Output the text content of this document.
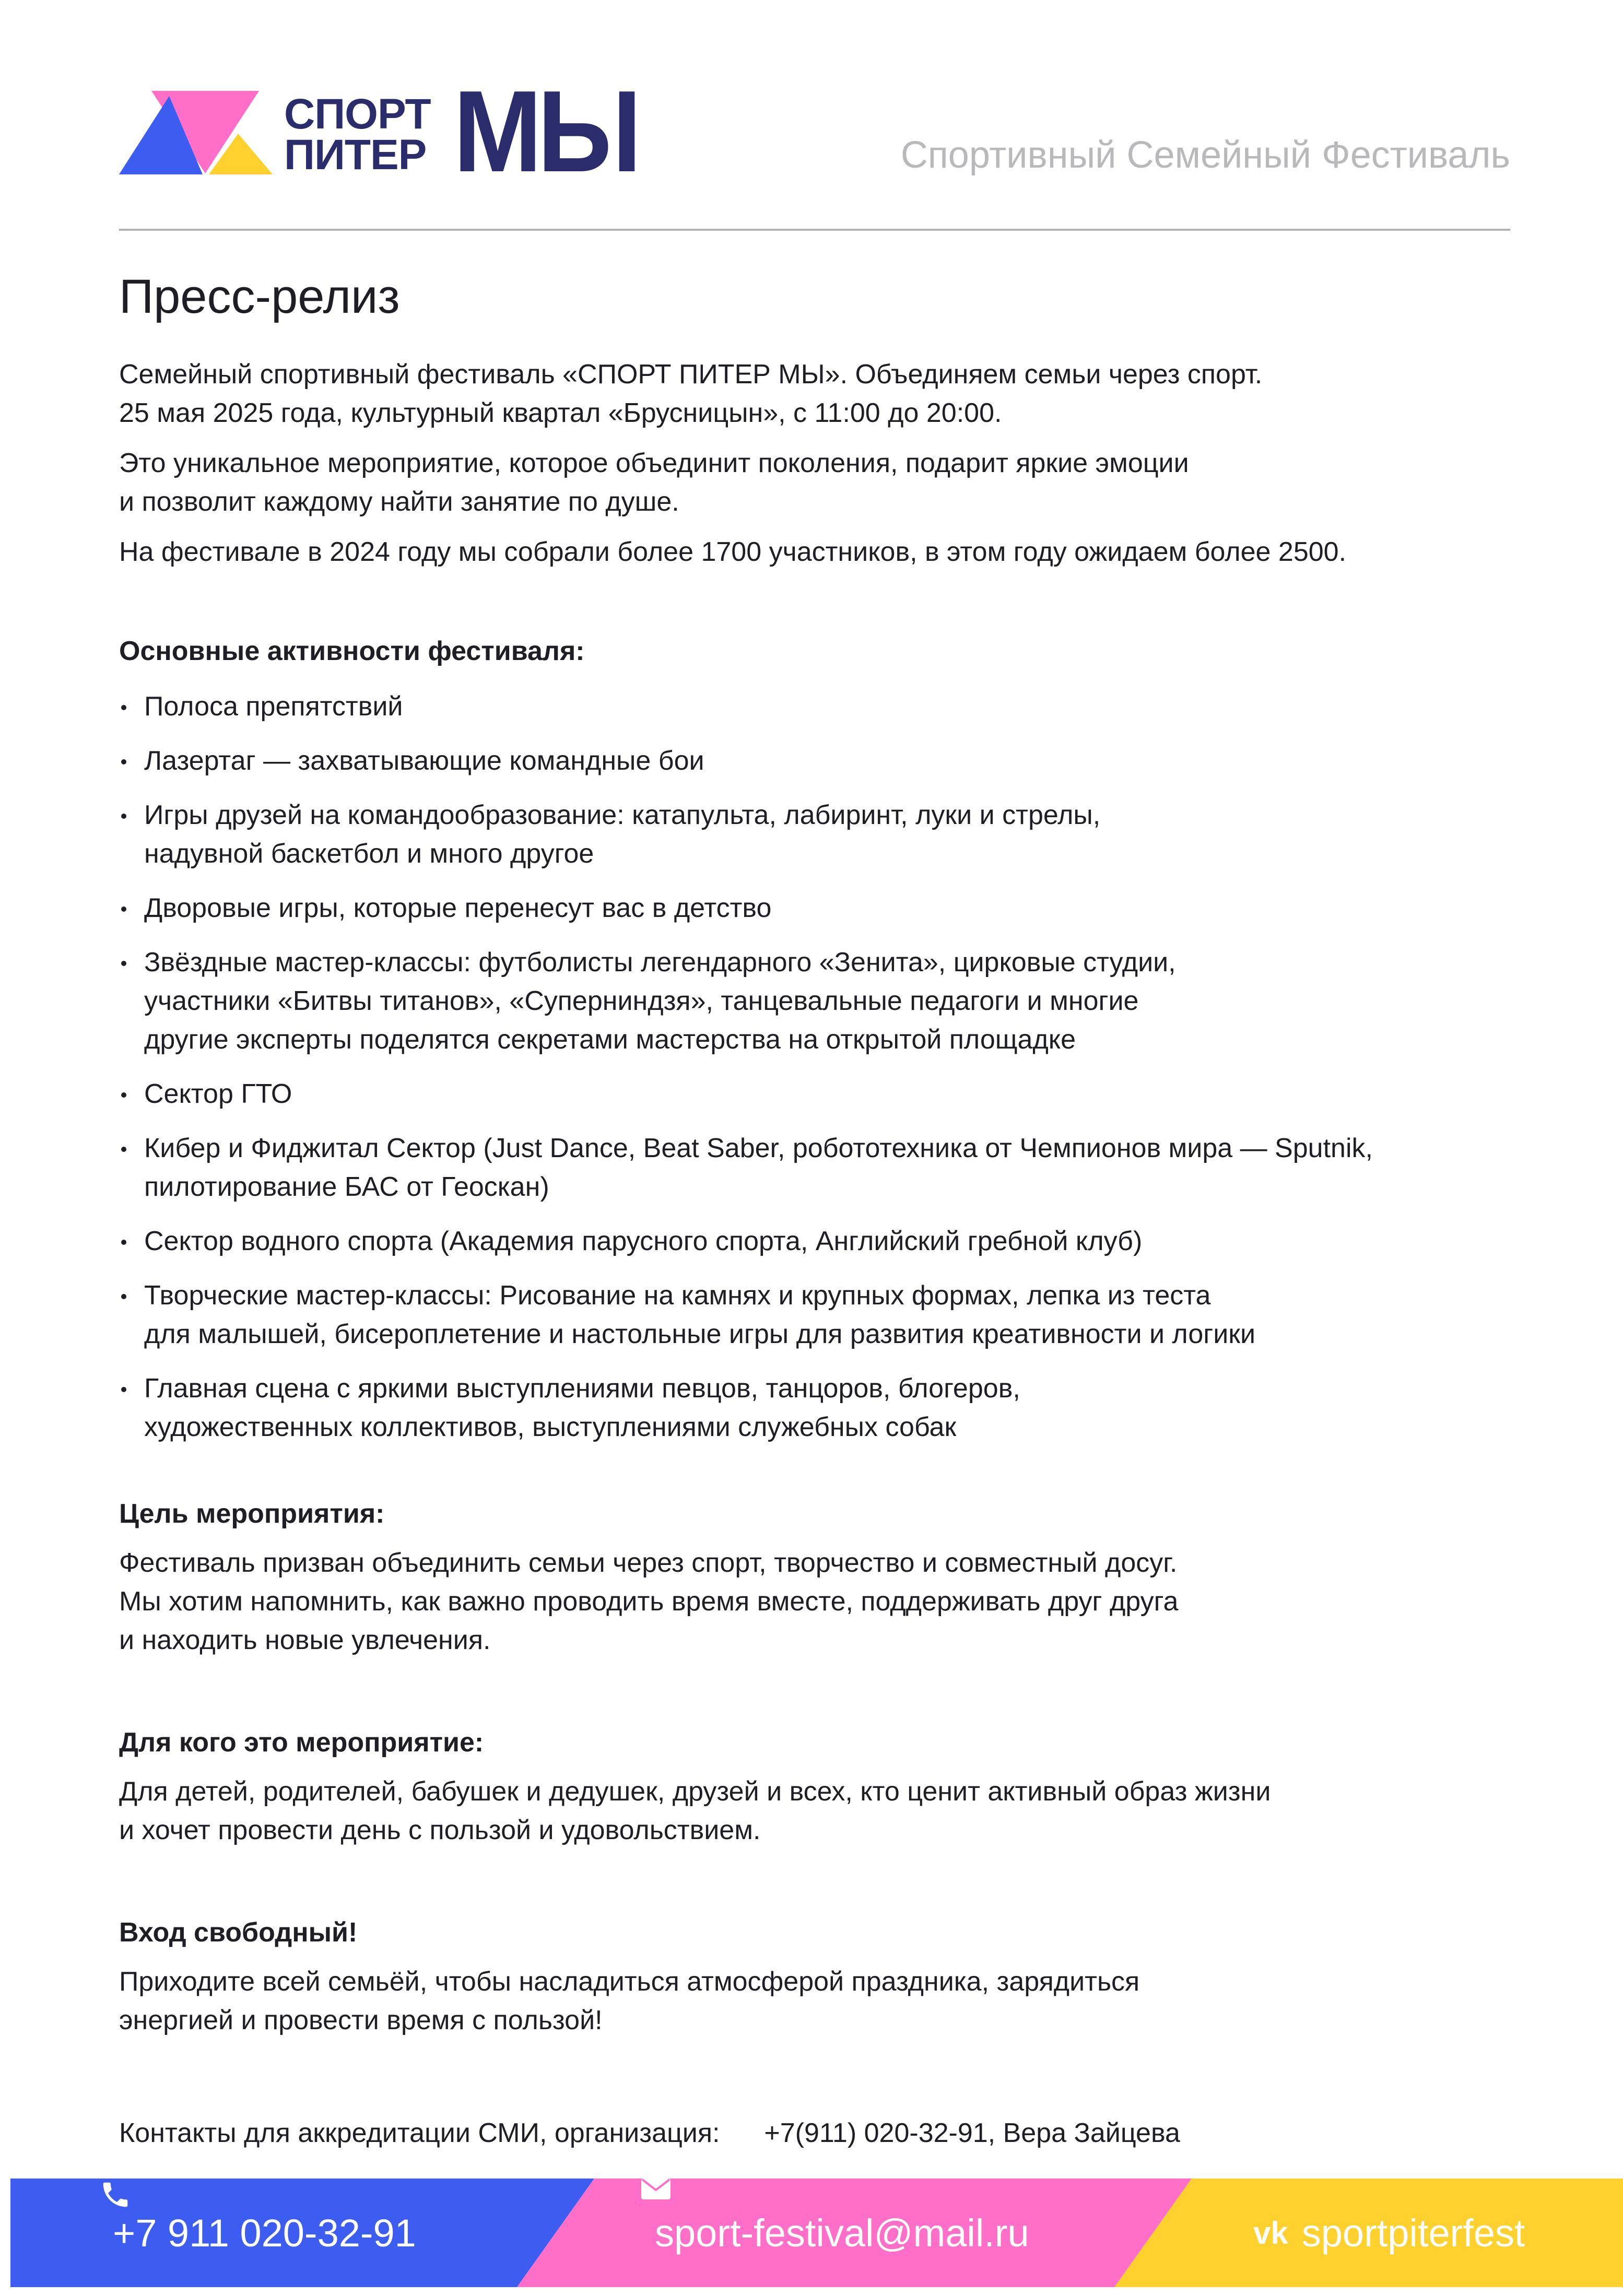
СПОРТ
ПИТЕР МЫ	Спортивный Семейный Фестиваль
Пресс-релиз

Семейный спортивный фестиваль «СПОРТ ПИТЕР МЫ». Объединяем семьи через спорт.
25 мая 2025 года, культурный квартал «Брусницын», с 11:00 до 20:00.

Это уникальное мероприятие, которое объединит поколения, подарит яркие эмоции
и позволит каждому найти занятие по душе.

На фестивале в 2024 году мы собрали более 1700 участников, в этом году ожидаем более 2500.

Основные активности фестиваля:
Полоса препятствий
Лазертаг — захватывающие командные бои
Игры друзей на командообразование: катапульта, лабиринт, луки и стрелы,
надувной баскетбол и много другое
Дворовые игры, которые перенесут вас в детство
Звёздные мастер-классы: футболисты легендарного «Зенита», цирковые студии,
участники «Битвы титанов», «Суперниндзя», танцевальные педагоги и многие
другие эксперты поделятся секретами мастерства на открытой площадке
Сектор ГТО
Кибер и Фиджитал Сектор (Just Dance, Beat Saber, робототехника от Чемпионов мира — Sputnik,
пилотирование БАС от Геоскан)
Сектор водного спорта (Академия парусного спорта, Английский гребной клуб)
Творческие мастер-классы: Рисование на камнях и крупных формах, лепка из теста
для малышей, бисероплетение и настольные игры для развития креативности и логики
Главная сцена с яркими выступлениями певцов, танцоров, блогеров,
художественных коллективов, выступлениями служебных собак
Цель мероприятия:

Фестиваль призван объединить семьи через спорт, творчество и совместный досуг.
Мы хотим напомнить, как важно проводить время вместе, поддерживать друг друга
и находить новые увлечения.

Для кого это мероприятие:

Для детей, родителей, бабушек и дедушек, друзей и всех, кто ценит активный образ жизни
и хочет провести день с пользой и удовольствием.

Вход свободный!

Приходите всей семьёй, чтобы насладиться атмосферой праздника, зарядиться
энергией и провести время с пользой!

Контакты для аккредитации СМИ, организация: +7(911) 020-32-91, Вера Зайцева
+7 911 020-32-91	sport-festival@mail.ru	vk sportpiterfest
